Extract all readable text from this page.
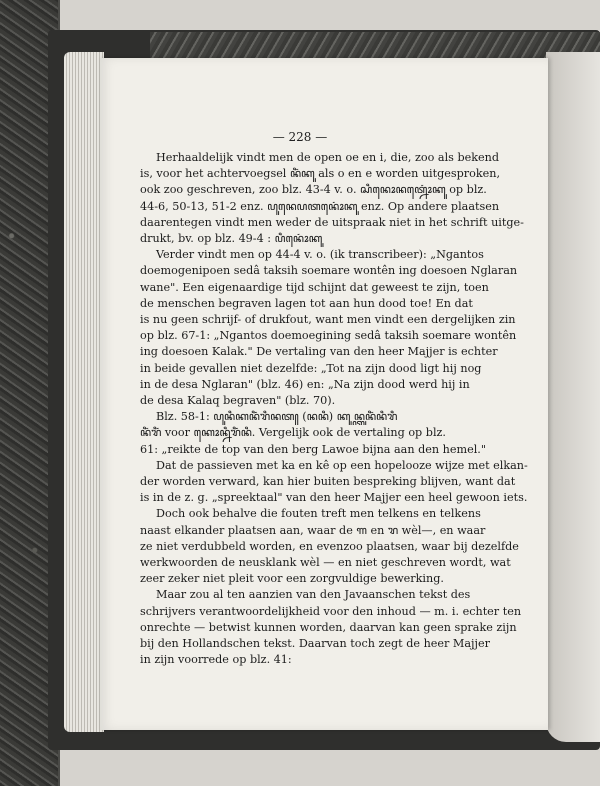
— 228 —
Herhaaldelijk vindt men de open oe en i, die, zoo als bekend
is, voor het achtervoegsel ꦤꦶꦁꦏꦸ als o en e worden uitgesproken,
ook zoo geschreven, zoo blz. 43-4 v. o. ꦱꦶꦤꦺꦴꦤꦠ꧀ꦤꦺꦴꦁꦏꦸ op blz.
44-6, 50-13, 51-2 enz. ꦥꦸꦤꦺꦥꦠꦤꦺꦴꦁꦏꦸ enz. Op andere plaatsen
daarentegen vindt men weder de uitspraak niet in het schrift uitge-
drukt, bv. op blz. 49-4 : ꦥꦶꦤꦺꦴꦁꦏꦸ
Verder vindt men op 44-4 v. o. (ik transcribeer): „Ngantos
doemogenipoen sedâ taksih soemare wontên ing doesoen Nglaran
wane". Een eigenaardige tijd schijnt dat geweest te zijn, toen
de menschen begraven lagen tot aan hun dood toe! En dat
is nu geen schrijf- of drukfout, want men vindt een dergelijken zin
op blz. 67-1: „Ngantos doemoegining sedâ taksih soemare wontên
ing doesoen Kalak." De vertaling van den heer Majjer is echter
in beide gevallen niet dezelfde: „Tot na zijn dood ligt hij nog
in de desa Nglaran" (blz. 46) en: „Na zijn dood werd hij in
de desa Kalaq begraven" (blz. 70).
Blz. 58-1: ꦥꦸꦤꦶꦏꦤꦶꦁꦫꦶꦤꦠ꧀ (ꦤꦤꦶ) ꦏꦸꦤ꧀ꦠꦸꦤꦶꦁꦤꦶꦫꦶ
ꦤꦶꦁꦫꦶꦁ voor ꦏꦺꦴꦤ꧀ꦤꦶꦫꦶꦁꦤꦶ. Vergelijk ook de vertaling op blz.
61: „reikte de top van den berg Lawoe bijna aan den hemel."
Dat de passieven met ka en kê op een hopelooze wijze met elkan-
der worden verward, kan hier buiten bespreking blijven, want dat
is in de z. g. „spreektaal" van den heer Majjer een heel gewoon iets.
Doch ook behalve die fouten treft men telkens en telkens
naast elkander plaatsen aan, waar de ꦒ en ꦫ wèl—, en waar
ze niet verdubbeld worden, en evenzoo plaatsen, waar bij dezelfde
werkwoorden de neusklank wèl — en niet geschreven wordt, wat
zeer zeker niet pleit voor een zorgvuldige bewerking.
Maar zou al ten aanzien van den Javaanschen tekst des
schrijvers verantwoordelijkheid voor den inhoud — m. i. echter ten
onrechte — betwist kunnen worden, daarvan kan geen sprake zijn
bij den Hollandschen tekst. Daarvan toch zegt de heer Majjer
in zijn voorrede op blz. 41:
